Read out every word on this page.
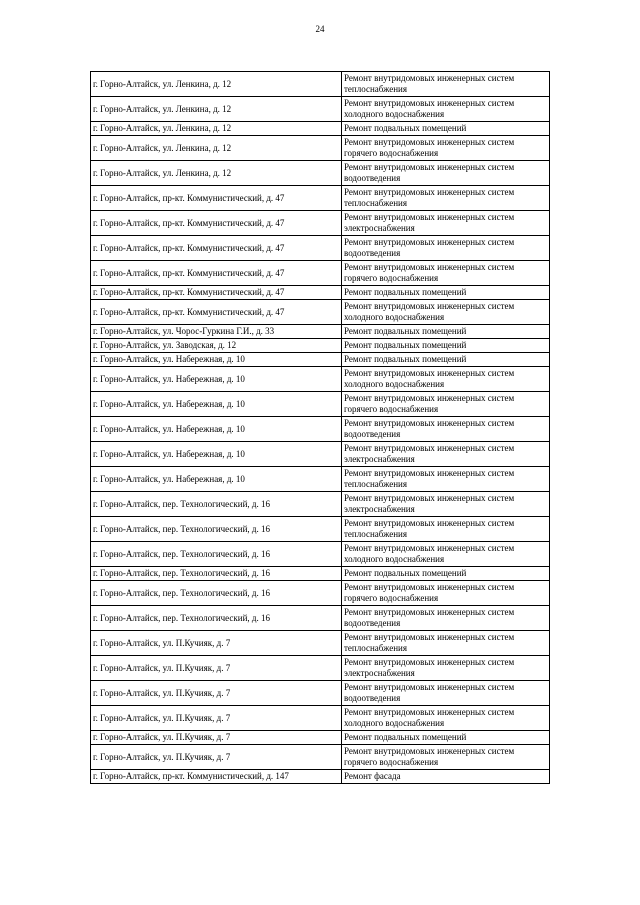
24
г. Горно-Алтайск, ул. Ленкина, д. 12	Ремонт внутридомовых инженерных систем теплоснабжения
г. Горно-Алтайск, ул. Ленкина, д. 12	Ремонт внутридомовых инженерных систем холодного водоснабжения
г. Горно-Алтайск, ул. Ленкина, д. 12	Ремонт подвальных помещений
г. Горно-Алтайск, ул. Ленкина, д. 12	Ремонт внутридомовых инженерных систем горячего водоснабжения
г. Горно-Алтайск, ул. Ленкина, д. 12	Ремонт внутридомовых инженерных систем водоотведения
г. Горно-Алтайск, пр-кт. Коммунистический, д. 47	Ремонт внутридомовых инженерных систем теплоснабжения
г. Горно-Алтайск, пр-кт. Коммунистический, д. 47	Ремонт внутридомовых инженерных систем электроснабжения
г. Горно-Алтайск, пр-кт. Коммунистический, д. 47	Ремонт внутридомовых инженерных систем водоотведения
г. Горно-Алтайск, пр-кт. Коммунистический, д. 47	Ремонт внутридомовых инженерных систем горячего водоснабжения
г. Горно-Алтайск, пр-кт. Коммунистический, д. 47	Ремонт подвальных помещений
г. Горно-Алтайск, пр-кт. Коммунистический, д. 47	Ремонт внутридомовых инженерных систем холодного водоснабжения
г. Горно-Алтайск, ул. Чорос-Гуркина Г.И., д. 33	Ремонт подвальных помещений
г. Горно-Алтайск, ул. Заводская, д. 12	Ремонт подвальных помещений
г. Горно-Алтайск, ул. Набережная, д. 10	Ремонт подвальных помещений
г. Горно-Алтайск, ул. Набережная, д. 10	Ремонт внутридомовых инженерных систем холодного водоснабжения
г. Горно-Алтайск, ул. Набережная, д. 10	Ремонт внутридомовых инженерных систем горячего водоснабжения
г. Горно-Алтайск, ул. Набережная, д. 10	Ремонт внутридомовых инженерных систем водоотведения
г. Горно-Алтайск, ул. Набережная, д. 10	Ремонт внутридомовых инженерных систем электроснабжения
г. Горно-Алтайск, ул. Набережная, д. 10	Ремонт внутридомовых инженерных систем теплоснабжения
г. Горно-Алтайск, пер. Технологический, д. 16	Ремонт внутридомовых инженерных систем электроснабжения
г. Горно-Алтайск, пер. Технологический, д. 16	Ремонт внутридомовых инженерных систем теплоснабжения
г. Горно-Алтайск, пер. Технологический, д. 16	Ремонт внутридомовых инженерных систем холодного водоснабжения
г. Горно-Алтайск, пер. Технологический, д. 16	Ремонт подвальных помещений
г. Горно-Алтайск, пер. Технологический, д. 16	Ремонт внутридомовых инженерных систем горячего водоснабжения
г. Горно-Алтайск, пер. Технологический, д. 16	Ремонт внутридомовых инженерных систем водоотведения
г. Горно-Алтайск, ул. П.Кучияк, д. 7	Ремонт внутридомовых инженерных систем теплоснабжения
г. Горно-Алтайск, ул. П.Кучияк, д. 7	Ремонт внутридомовых инженерных систем электроснабжения
г. Горно-Алтайск, ул. П.Кучияк, д. 7	Ремонт внутридомовых инженерных систем водоотведения
г. Горно-Алтайск, ул. П.Кучияк, д. 7	Ремонт внутридомовых инженерных систем холодного водоснабжения
г. Горно-Алтайск, ул. П.Кучияк, д. 7	Ремонт подвальных помещений
г. Горно-Алтайск, ул. П.Кучияк, д. 7	Ремонт внутридомовых инженерных систем горячего водоснабжения
г. Горно-Алтайск, пр-кт. Коммунистический, д. 147	Ремонт фасада
